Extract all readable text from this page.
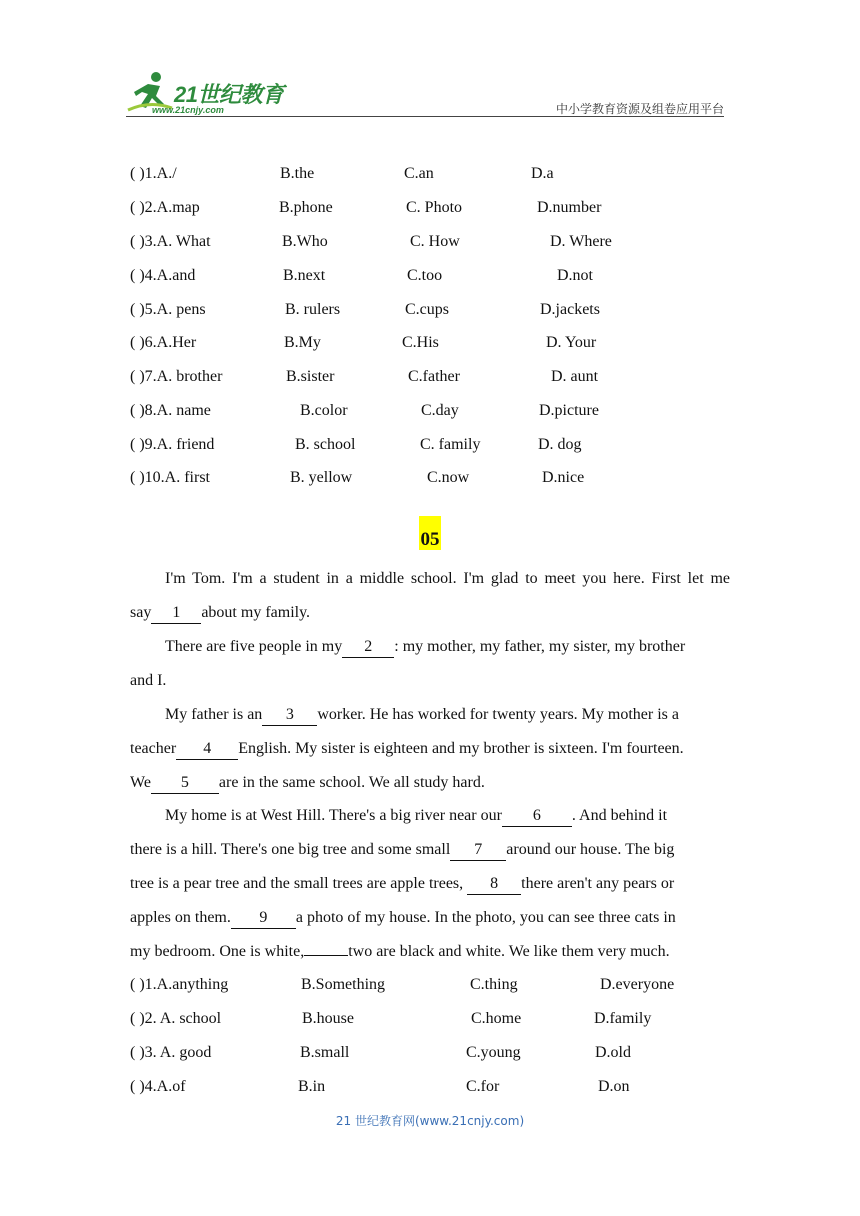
21世纪教育
www.21cnjy.com	中小学教育资源及组卷应用平台
( )1.A./	B.the	C.an	D.a
( )2.A.map	B.phone	C. Photo	D.number
( )3.A. What	B.Who	C. How	D. Where
( )4.A.and	B.next	C.too	D.not
( )5.A. pens	B. rulers	C.cups	D.jackets
( )6.A.Her	B.My	C.His	D. Your
( )7.A. brother	B.sister	C.father	D. aunt
( )8.A. name	B.color	C.day	D.picture
( )9.A. friend	B. school	C. family	D. dog
( )10.A. first	B. yellow	C.now	D.nice
05
I'm Tom. I'm a student in a middle school. I'm glad to meet you here. First let me
say 1 about my family.
There are five people in my 2 : my mother, my father, my sister, my brother
and I.
My father is an 3 worker. He has worked for twenty years. My mother is a
teacher 4 English. My sister is eighteen and my brother is sixteen. I'm fourteen.
We 5 are in the same school. We all study hard.
My home is at West Hill. There's a big river near our 6 . And behind it
there is a hill. There's one big tree and some small 7 around our house. The big
tree is a pear tree and the small trees are apple trees, 8 there aren't any pears or
apples on them. 9 a photo of my house. In the photo, you can see three cats in
my bedroom. One is white,	two are black and white. We like them very much.
( )1.A.anything	B.Something	C.thing	D.everyone
( )2. A. school	B.house	C.home	D.family
( )3. A. good	B.small	C.young	D.old
( )4.A.of	B.in	C.for	D.on
21 世纪教育网(www.21cnjy.com)
